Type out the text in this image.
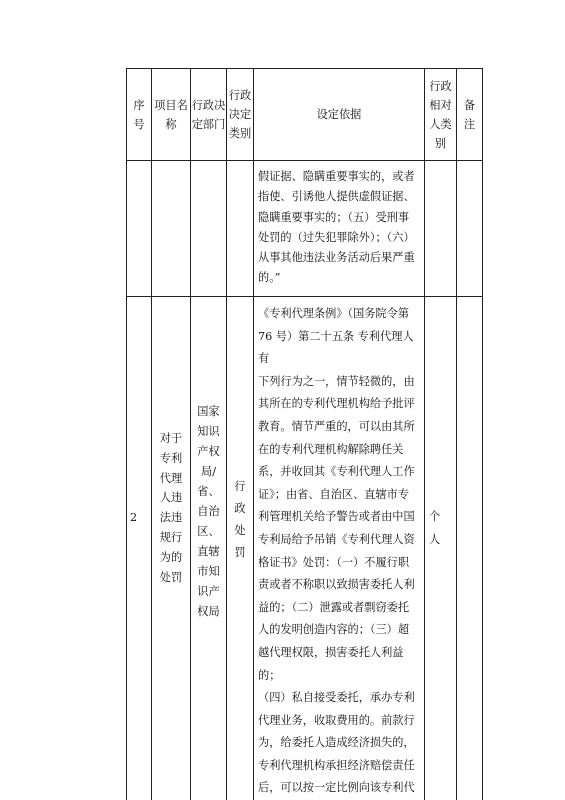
序
号
项目名
称
行政决
定部门
行政
决定
类别
设定依据
行政
相对
人类
别
备
注
假证据、隐瞒重要事实的，或者
指使、引诱他人提供虚假证据、
隐瞒重要事实的；（五）受刑事
处罚的（过失犯罪除外）；（六）
从事其他违法业务活动后果严重
的。”
2
对于
专利
代理
人违
法违
规行
为的
处罚
国家
知识
产权
局/
省、
自治
区、
直辖
市知
识产
权局
行
政
处
罚
《专利代理条例》（国务院令第
76 号）第二十五条 专利代理人有
下列行为之一，情节轻微的，由
其所在的专利代理机构给予批评
教育。情节严重的，可以由其所
在的专利代理机构解除聘任关
系，并收回其《专利代理人工作
证》；由省、自治区、直辖市专
利管理机关给予警告或者由中国
专利局给予吊销《专利代理人资
格证书》处罚：（一）不履行职
责或者不称职以致损害委托人利
益的；（二）泄露或者剽窃委托
人的发明创造内容的；（三）超
越代理权限，损害委托人利益的；
（四）私自接受委托，承办专利
代理业务，收取费用的。前款行
为，给委托人造成经济损失的，
专利代理机构承担经济赔偿责任
后，可以按一定比例向该专利代
个
人
